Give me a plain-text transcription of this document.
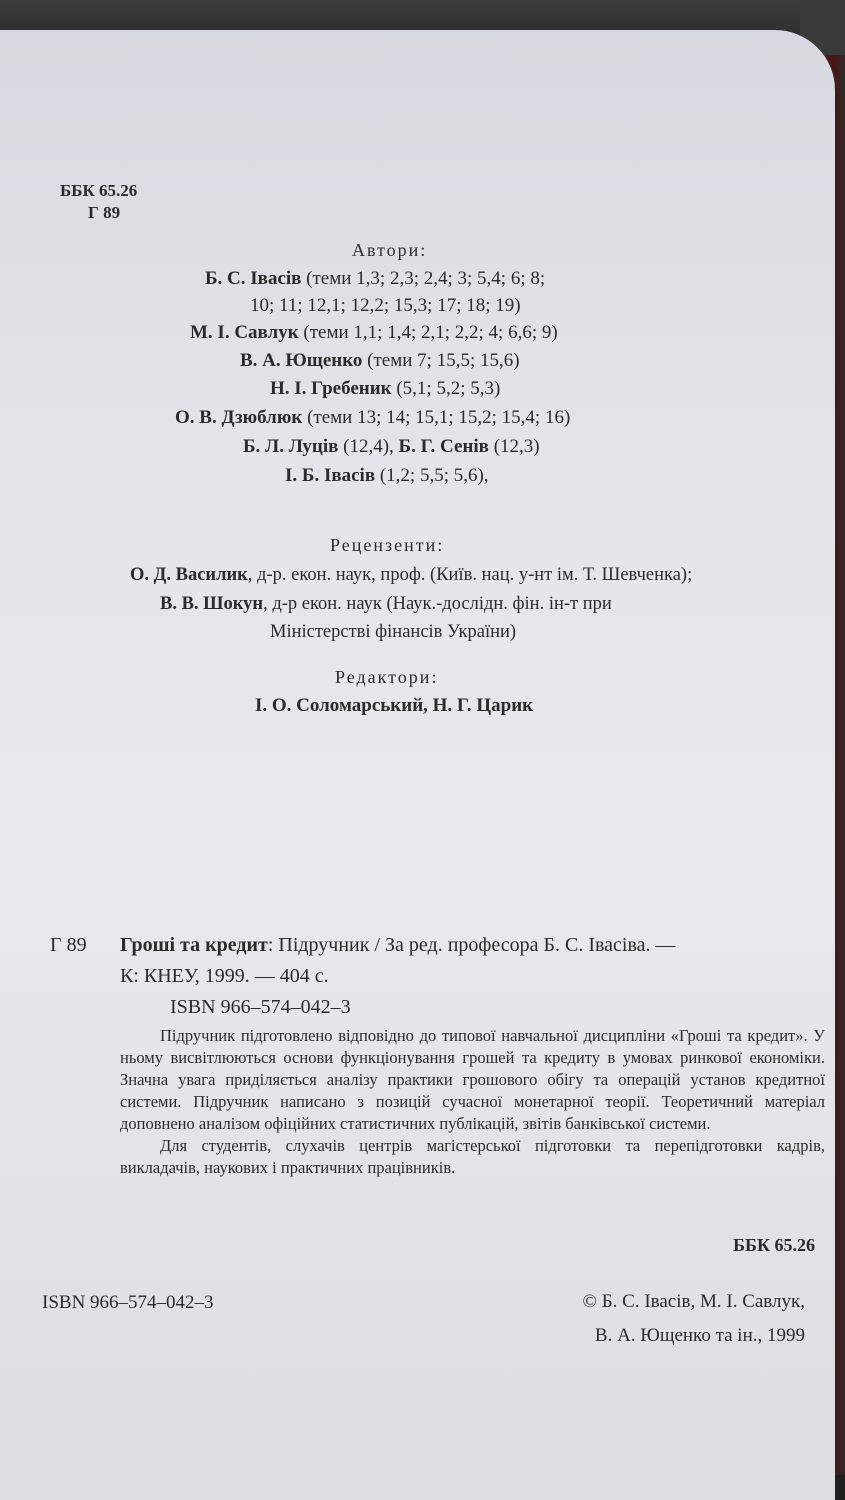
ББК 65.26
Г 89
Автори:
Б. С. Івасів (теми 1,3; 2,3; 2,4; 3; 5,4; 6; 8;
10; 11; 12,1; 12,2; 15,3; 17; 18; 19)
М. І. Савлук (теми 1,1; 1,4; 2,1; 2,2; 4; 6,6; 9)
В. А. Ющенко (теми 7; 15,5; 15,6)
Н. І. Гребеник (5,1; 5,2; 5,3)
О. В. Дзюблюк (теми 13; 14; 15,1; 15,2; 15,4; 16)
Б. Л. Луців (12,4), Б. Г. Сенів (12,3)
І. Б. Івасів (1,2; 5,5; 5,6),
Рецензенти:
О. Д. Василик, д-р. екон. наук, проф. (Київ. нац. у-нт ім. Т. Шевченка);
В. В. Шокун, д-р екон. наук (Наук.-дослідн. фін. ін-т при
Міністерстві фінансів України)
Редактори:
І. О. Соломарський, Н. Г. Царик
Г 89 Гроші та кредит: Підручник / За ред. професора Б. С. Івасіва. —
К: КНЕУ, 1999. — 404 с.
ISBN 966–574–042–3

Підручник підготовлено відповідно до типової навчальної дисципліни «Гроші та кредит». У ньому висвітлюються основи функціонування грошей та кредиту в умовах ринкової економіки. Значна увага приділяється аналізу практики грошового обігу та операцій установ кредитної системи. Підручник написано з позицій сучасної монетарної теорії. Теоретичний матеріал доповнено аналізом офіційних статистичних публікацій, звітів банківської системи.

Для студентів, слухачів центрів магістерської підготовки та перепідготовки кадрів, викладачів, наукових і практичних працівників.

ББК 65.26
ISBN 966–574–042–3	© Б. С. Івасів, М. І. Савлук,
В. А. Ющенко та ін., 1999
